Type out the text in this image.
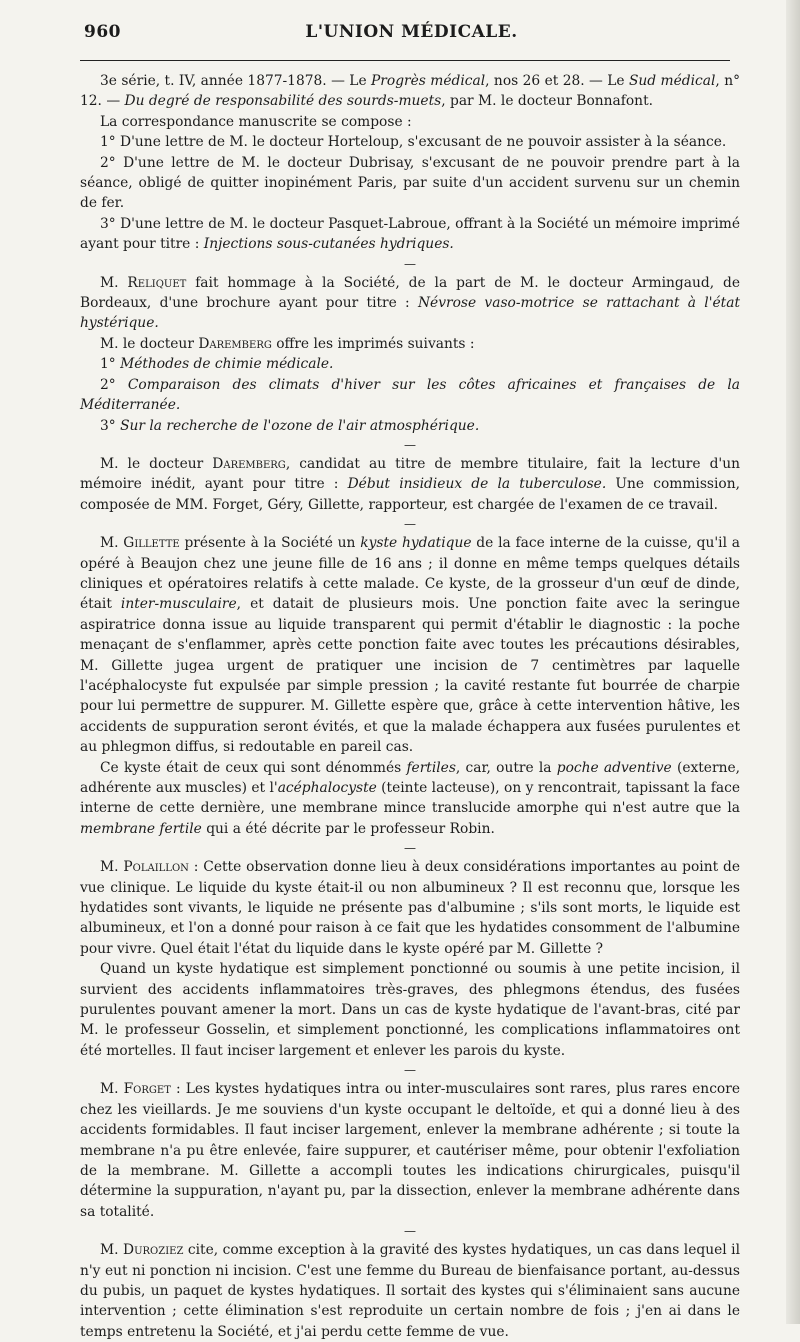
960	L'UNION MÉDICALE.

3e série, t. IV, année 1877-1878. — Le Progrès médical, nos 26 et 28. — Le Sud médical, n° 12. — Du degré de responsabilité des sourds-muets, par M. le docteur Bonnafont.

La correspondance manuscrite se compose :

1° D'une lettre de M. le docteur Horteloup, s'excusant de ne pouvoir assister à la séance.

2° D'une lettre de M. le docteur Dubrisay, s'excusant de ne pouvoir prendre part à la séance, obligé de quitter inopinément Paris, par suite d'un accident survenu sur un chemin de fer.

3° D'une lettre de M. le docteur Pasquet-Labroue, offrant à la Société un mémoire imprimé ayant pour titre : Injections sous-cutanées hydriques.

—

M. Reliquet fait hommage à la Société, de la part de M. le docteur Armingaud, de Bordeaux, d'une brochure ayant pour titre : Névrose vaso-motrice se rattachant à l'état hystérique.

M. le docteur Daremberg offre les imprimés suivants :

1° Méthodes de chimie médicale.

2° Comparaison des climats d'hiver sur les côtes africaines et françaises de la Méditerranée.

3° Sur la recherche de l'ozone de l'air atmosphérique.

—

M. le docteur Daremberg, candidat au titre de membre titulaire, fait la lecture d'un mémoire inédit, ayant pour titre : Début insidieux de la tuberculose. Une commission, composée de MM. Forget, Géry, Gillette, rapporteur, est chargée de l'examen de ce travail.

—

M. Gillette présente à la Société un kyste hydatique de la face interne de la cuisse, qu'il a opéré à Beaujon chez une jeune fille de 16 ans ; il donne en même temps quelques détails cliniques et opératoires relatifs à cette malade. Ce kyste, de la grosseur d'un œuf de dinde, était inter-musculaire, et datait de plusieurs mois. Une ponction faite avec la seringue aspiratrice donna issue au liquide transparent qui permit d'établir le diagnostic : la poche menaçant de s'enflammer, après cette ponction faite avec toutes les précautions désirables, M. Gillette jugea urgent de pratiquer une incision de 7 centimètres par laquelle l'acéphalocyste fut expulsée par simple pression ; la cavité restante fut bourrée de charpie pour lui permettre de suppurer. M. Gillette espère que, grâce à cette intervention hâtive, les accidents de suppuration seront évités, et que la malade échappera aux fusées purulentes et au phlegmon diffus, si redoutable en pareil cas.

Ce kyste était de ceux qui sont dénommés fertiles, car, outre la poche adventive (externe, adhérente aux muscles) et l'acéphalocyste (teinte lacteuse), on y rencontrait, tapissant la face interne de cette dernière, une membrane mince translucide amorphe qui n'est autre que la membrane fertile qui a été décrite par le professeur Robin.

—

M. Polaillon : Cette observation donne lieu à deux considérations importantes au point de vue clinique. Le liquide du kyste était-il ou non albumineux ? Il est reconnu que, lorsque les hydatides sont vivants, le liquide ne présente pas d'albumine ; s'ils sont morts, le liquide est albumineux, et l'on a donné pour raison à ce fait que les hydatides consomment de l'albumine pour vivre. Quel était l'état du liquide dans le kyste opéré par M. Gillette ?

Quand un kyste hydatique est simplement ponctionné ou soumis à une petite incision, il survient des accidents inflammatoires très-graves, des phlegmons étendus, des fusées purulentes pouvant amener la mort. Dans un cas de kyste hydatique de l'avant-bras, cité par M. le professeur Gosselin, et simplement ponctionné, les complications inflammatoires ont été mortelles. Il faut inciser largement et enlever les parois du kyste.

—

M. Forget : Les kystes hydatiques intra ou inter-musculaires sont rares, plus rares encore chez les vieillards. Je me souviens d'un kyste occupant le deltoïde, et qui a donné lieu à des accidents formidables. Il faut inciser largement, enlever la membrane adhérente ; si toute la membrane n'a pu être enlevée, faire suppurer, et cautériser même, pour obtenir l'exfoliation de la membrane. M. Gillette a accompli toutes les indications chirurgicales, puisqu'il détermine la suppuration, n'ayant pu, par la dissection, enlever la membrane adhérente dans sa totalité.

—

M. Duroziez cite, comme exception à la gravité des kystes hydatiques, un cas dans lequel il n'y eut ni ponction ni incision. C'est une femme du Bureau de bienfaisance portant, au-dessus du pubis, un paquet de kystes hydatiques. Il sortait des kystes qui s'éliminaient sans aucune intervention ; cette élimination s'est reproduite un certain nombre de fois ; j'en ai dans le temps entretenu la Société, et j'ai perdu cette femme de vue.
